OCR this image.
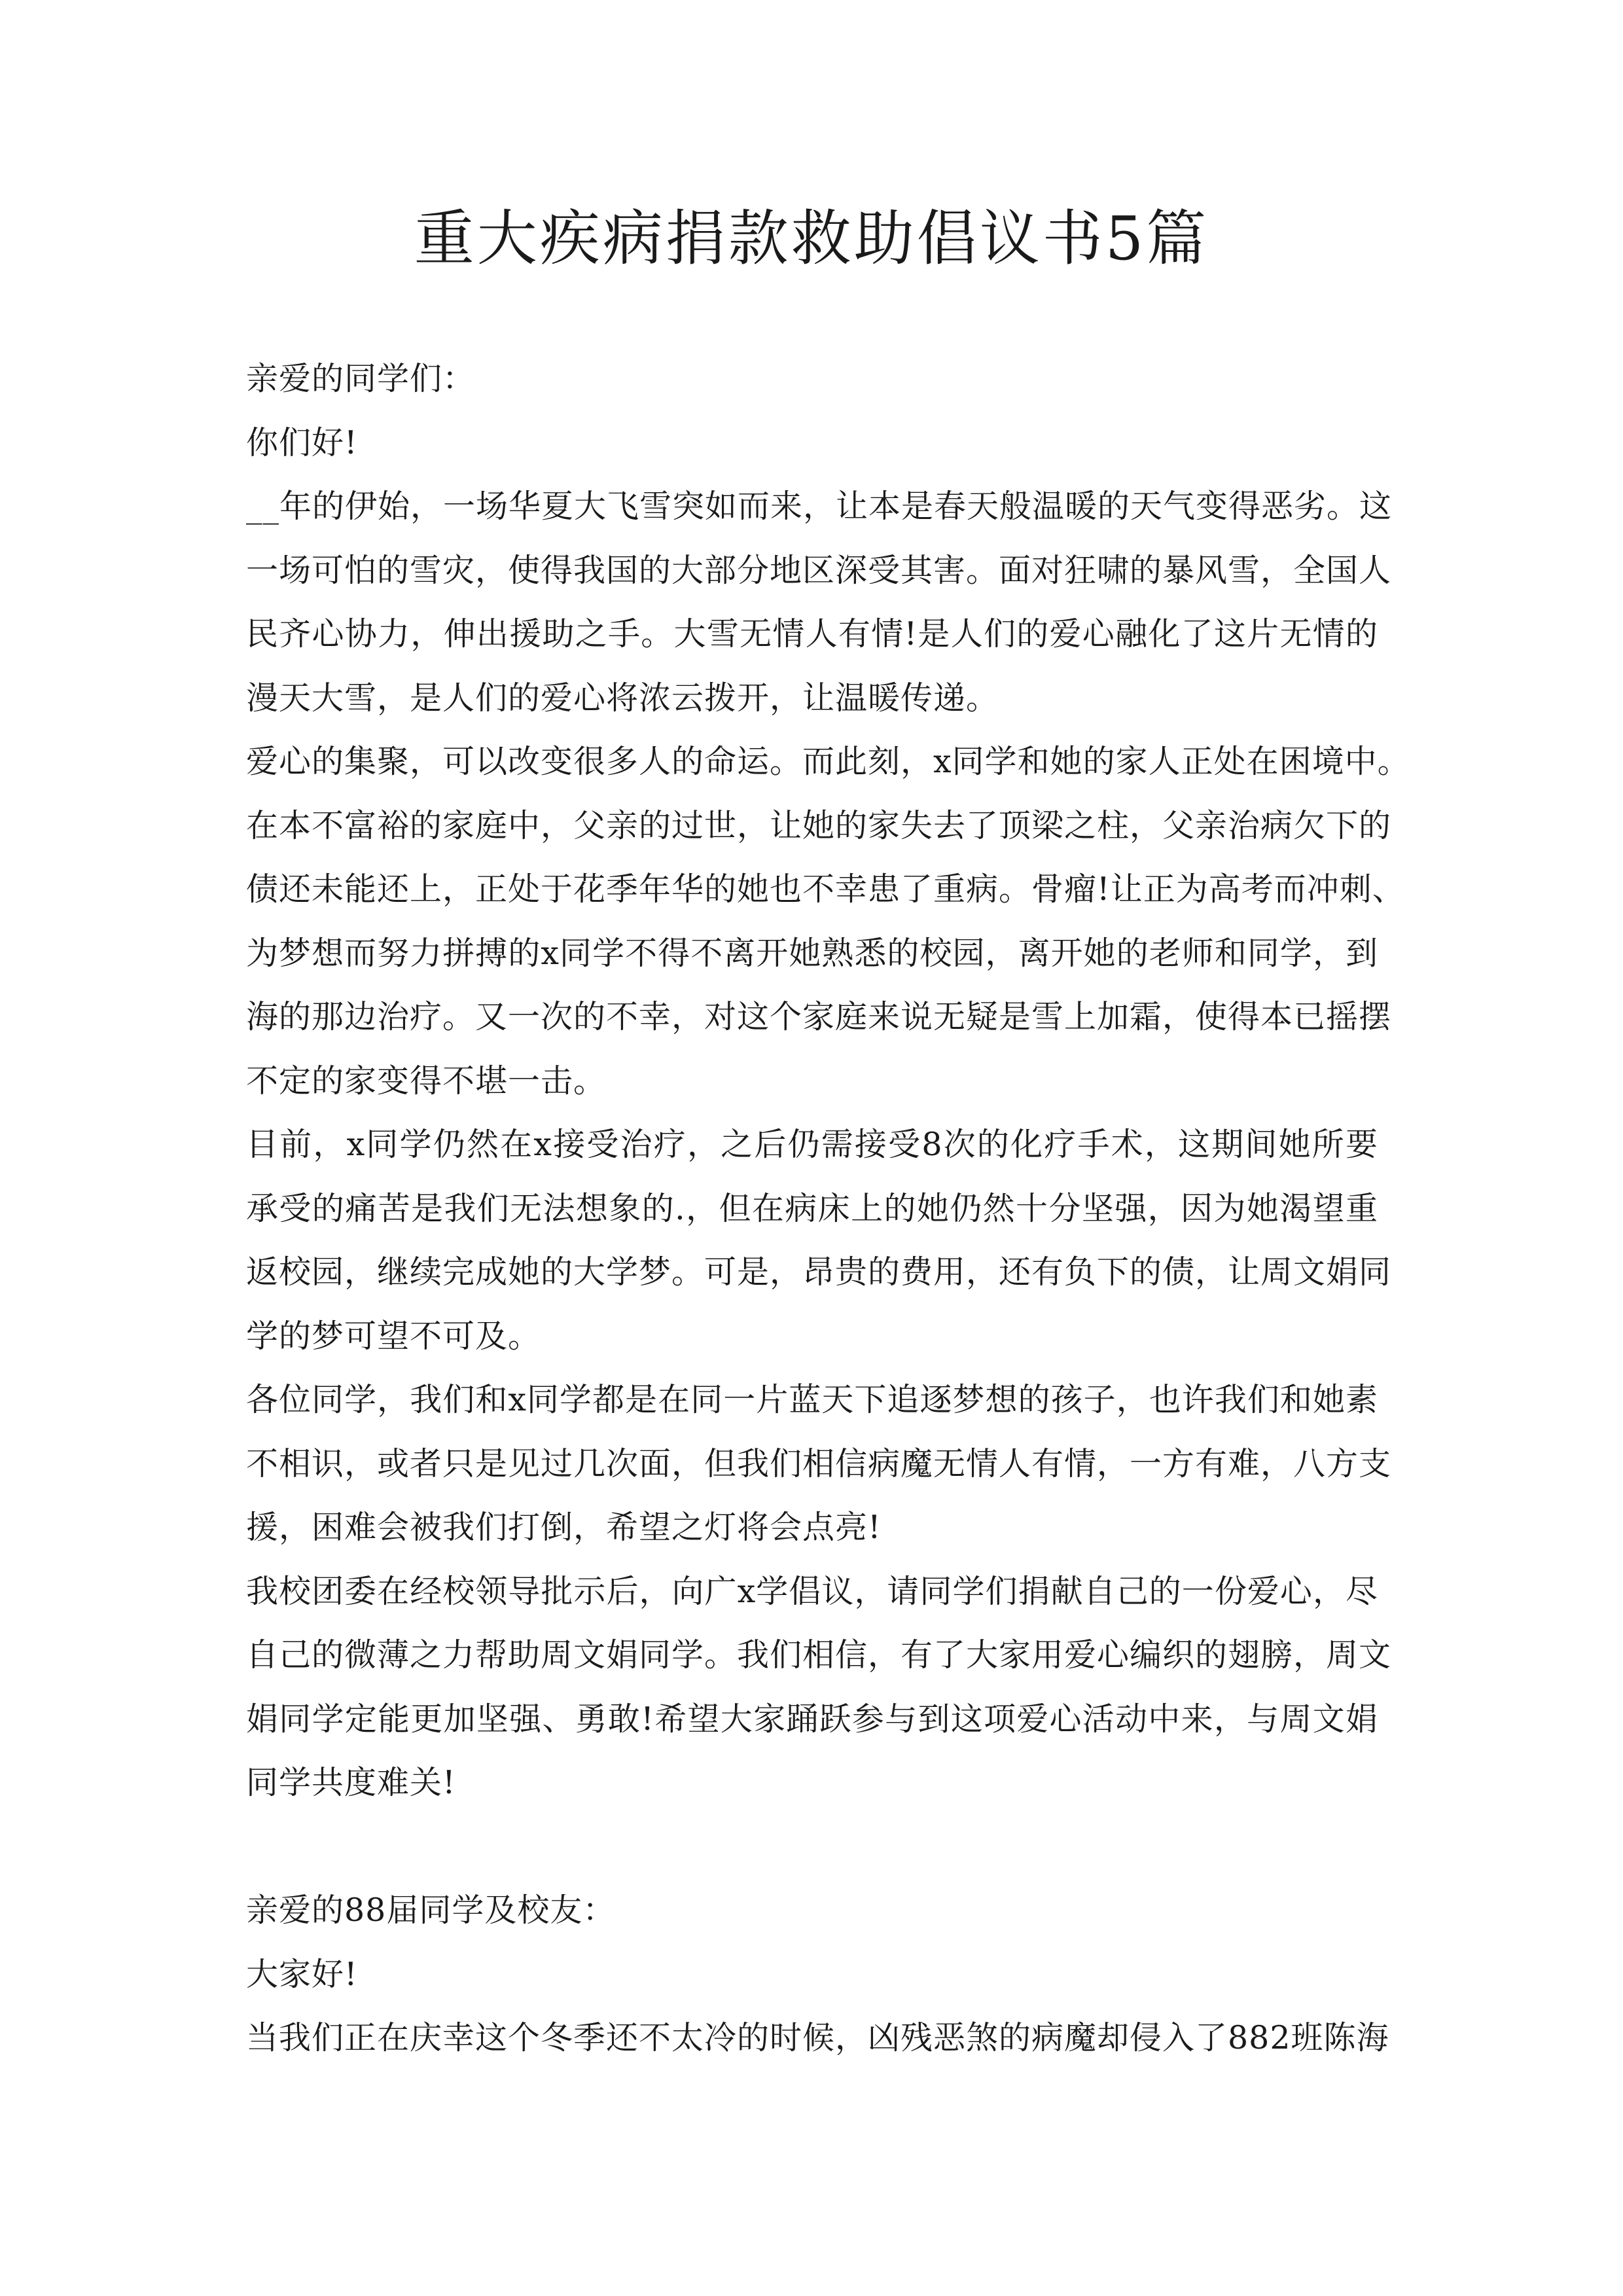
重大疾病捐款救助倡议书5篇
亲爱的同学们：
你们好!
__年的伊始，一场华夏大飞雪突如而来，让本是春天般温暖的天气变得恶劣。这
一场可怕的雪灾，使得我国的大部分地区深受其害。面对狂啸的暴风雪，全国人
民齐心协力，伸出援助之手。大雪无情人有情!是人们的爱心融化了这片无情的
漫天大雪，是人们的爱心将浓云拨开，让温暖传递。
爱心的集聚，可以改变很多人的命运。而此刻，x同学和她的家人正处在困境中。
在本不富裕的家庭中，父亲的过世，让她的家失去了顶梁之柱，父亲治病欠下的
债还未能还上，正处于花季年华的她也不幸患了重病。骨瘤!让正为高考而冲刺、
为梦想而努力拼搏的x同学不得不离开她熟悉的校园，离开她的老师和同学，到
海的那边治疗。又一次的不幸，对这个家庭来说无疑是雪上加霜，使得本已摇摆
不定的家变得不堪一击。
目前，x同学仍然在x接受治疗，之后仍需接受8次的化疗手术，这期间她所要
承受的痛苦是我们无法想象的.，但在病床上的她仍然十分坚强，因为她渴望重
返校园，继续完成她的大学梦。可是，昂贵的费用，还有负下的债，让周文娟同
学的梦可望不可及。
各位同学，我们和x同学都是在同一片蓝天下追逐梦想的孩子，也许我们和她素
不相识，或者只是见过几次面，但我们相信病魔无情人有情，一方有难，八方支
援，困难会被我们打倒，希望之灯将会点亮!
我校团委在经校领导批示后，向广x学倡议，请同学们捐献自己的一份爱心，尽
自己的微薄之力帮助周文娟同学。我们相信，有了大家用爱心编织的翅膀，周文
娟同学定能更加坚强、勇敢!希望大家踊跃参与到这项爱心活动中来，与周文娟
同学共度难关!
亲爱的88届同学及校友：
大家好!
当我们正在庆幸这个冬季还不太冷的时候，凶残恶煞的病魔却侵入了882班陈海
